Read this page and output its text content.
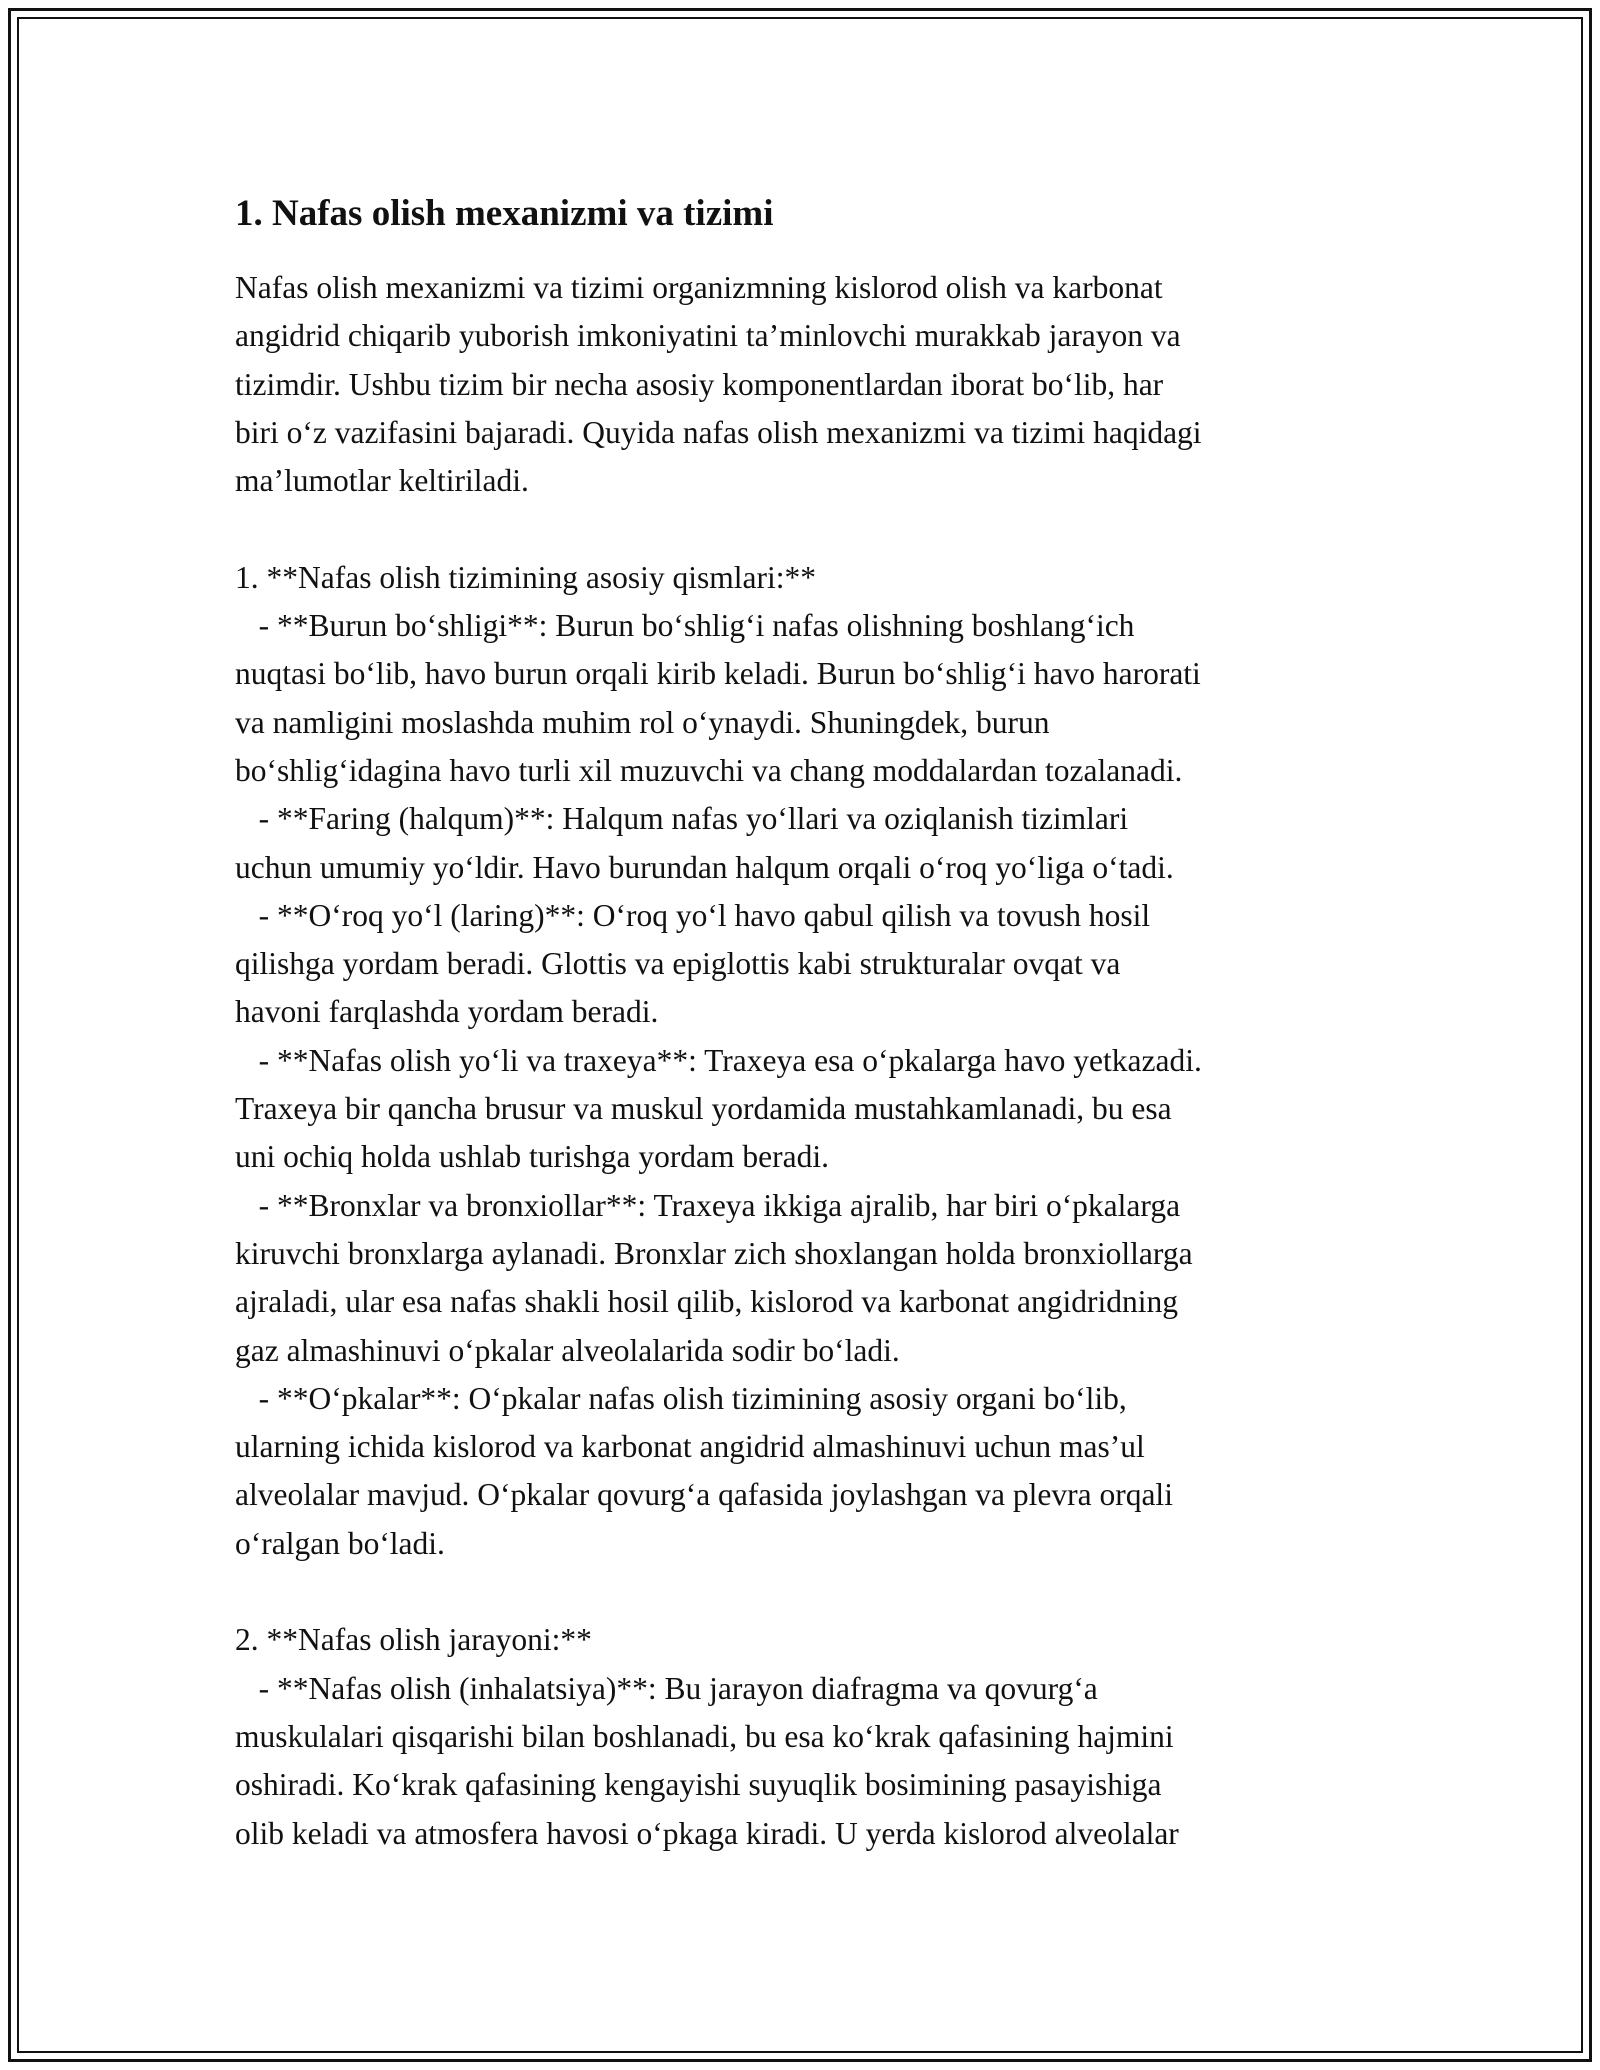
1. Nafas olish mexanizmi va tizimi
Nafas olish mexanizmi va tizimi organizmning kislorod olish va karbonat
angidrid chiqarib yuborish imkoniyatini ta’minlovchi murakkab jarayon va
tizimdir. Ushbu tizim bir necha asosiy komponentlardan iborat bo‘lib, har
biri o‘z vazifasini bajaradi. Quyida nafas olish mexanizmi va tizimi haqidagi
ma’lumotlar keltiriladi.
1. **Nafas olish tizimining asosiy qismlari:**
- **Burun bo‘shligi**: Burun bo‘shlig‘i nafas olishning boshlang‘ich
nuqtasi bo‘lib, havo burun orqali kirib keladi. Burun bo‘shlig‘i havo harorati
va namligini moslashda muhim rol o‘ynaydi. Shuningdek, burun
bo‘shlig‘idagina havo turli xil muzuvchi va chang moddalardan tozalanadi.
- **Faring (halqum)**: Halqum nafas yo‘llari va oziqlanish tizimlari
uchun umumiy yo‘ldir. Havo burundan halqum orqali o‘roq yo‘liga o‘tadi.
- **O‘roq yo‘l (laring)**: O‘roq yo‘l havo qabul qilish va tovush hosil
qilishga yordam beradi. Glottis va epiglottis kabi strukturalar ovqat va
havoni farqlashda yordam beradi.
- **Nafas olish yo‘li va traxeya**: Traxeya esa o‘pkalarga havo yetkazadi.
Traxeya bir qancha brusur va muskul yordamida mustahkamlanadi, bu esa
uni ochiq holda ushlab turishga yordam beradi.
- **Bronxlar va bronxiollar**: Traxeya ikkiga ajralib, har biri o‘pkalarga
kiruvchi bronxlarga aylanadi. Bronxlar zich shoxlangan holda bronxiollarga
ajraladi, ular esa nafas shakli hosil qilib, kislorod va karbonat angidridning
gaz almashinuvi o‘pkalar alveolalarida sodir bo‘ladi.
- **O‘pkalar**: O‘pkalar nafas olish tizimining asosiy organi bo‘lib,
ularning ichida kislorod va karbonat angidrid almashinuvi uchun mas’ul
alveolalar mavjud. O‘pkalar qovurg‘a qafasida joylashgan va plevra orqali
o‘ralgan bo‘ladi.
2. **Nafas olish jarayoni:**
- **Nafas olish (inhalatsiya)**: Bu jarayon diafragma va qovurg‘a
muskulalari qisqarishi bilan boshlanadi, bu esa ko‘krak qafasining hajmini
oshiradi. Ko‘krak qafasining kengayishi suyuqlik bosimining pasayishiga
olib keladi va atmosfera havosi o‘pkaga kiradi. U yerda kislorod alveolalar
